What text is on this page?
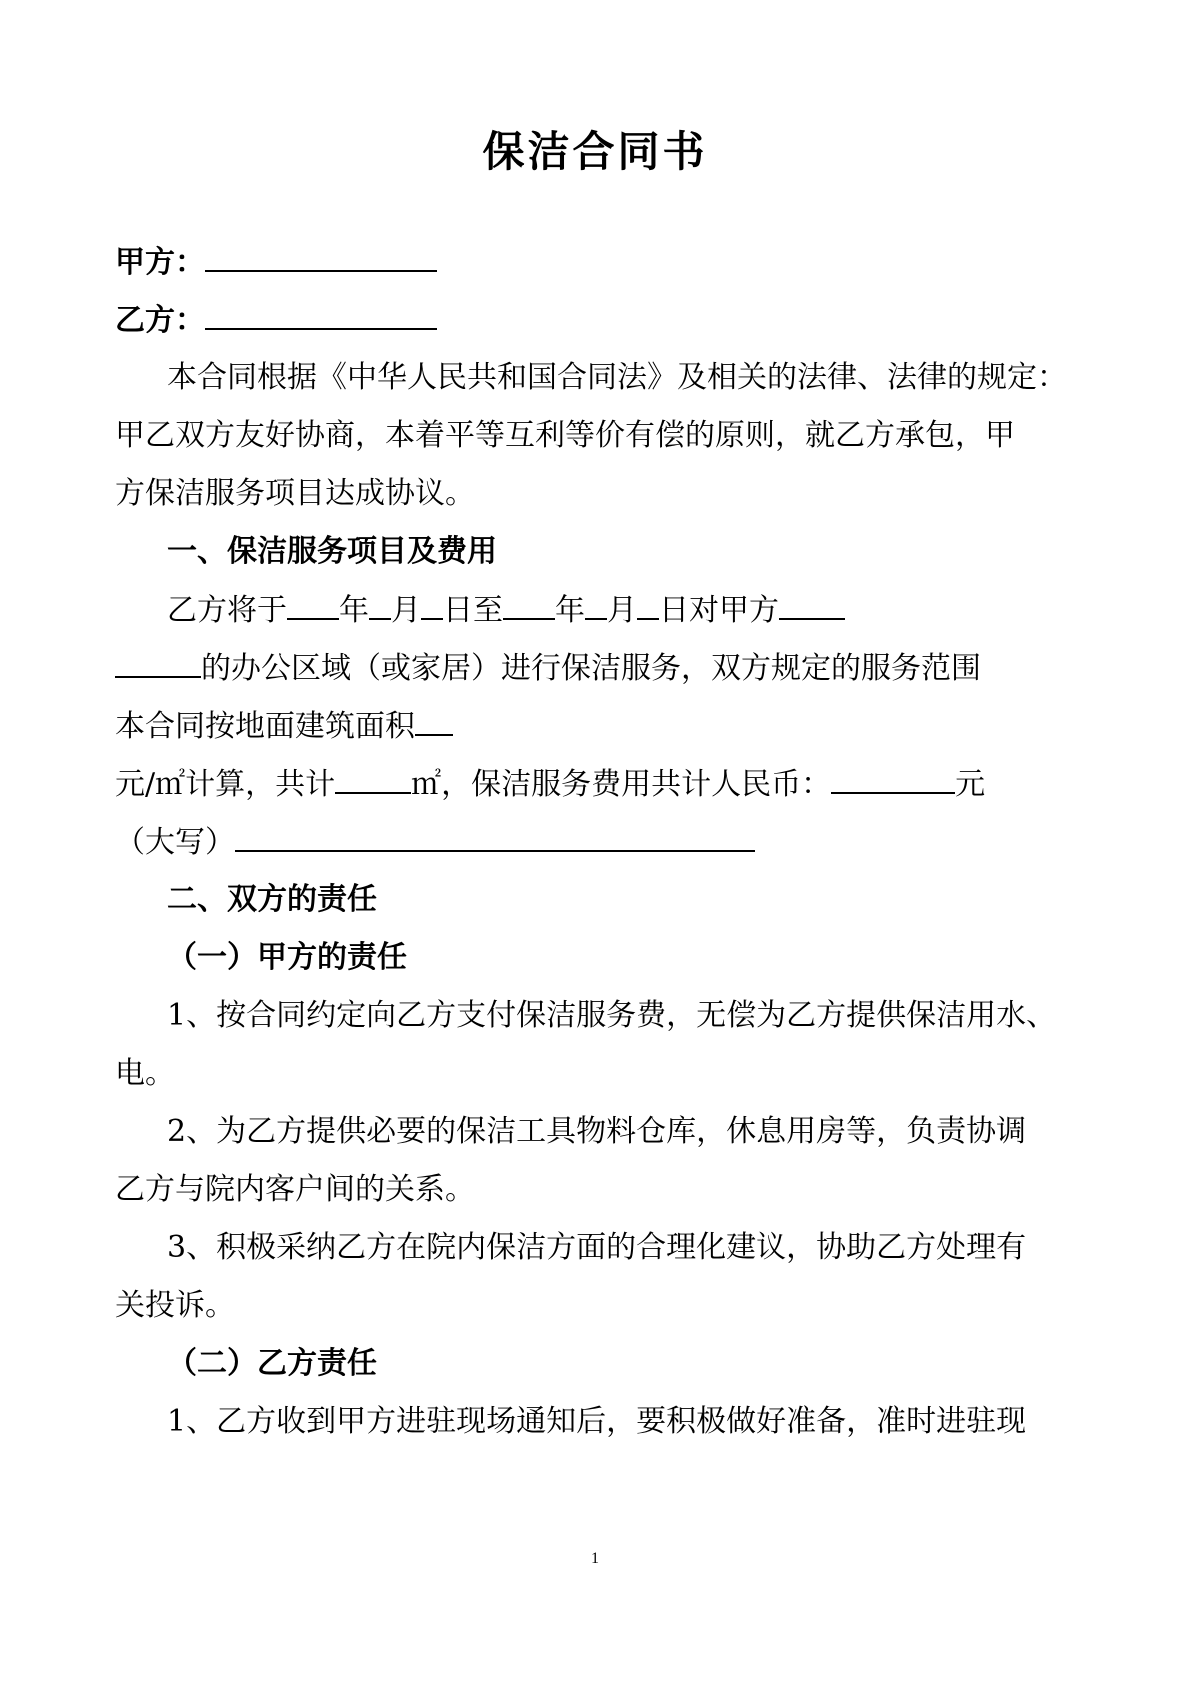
保洁合同书

甲方：

乙方：

本合同根据《中华人民共和国合同法》及相关的法律、法律的规定：

甲乙双方友好协商，本着平等互利等价有偿的原则，就乙方承包，甲

方保洁服务项目达成协议。

一、保洁服务项目及费用

乙方将于 年 月 日至 年 月 日对甲方

的办公区域（或家居）进行保洁服务，双方规定的服务范围

本合同按地面建筑面积

元/㎡计算，共计	㎡，保洁服务费用共计人民币：	元

（大写）

二、双方的责任

（一）甲方的责任

1、按合同约定向乙方支付保洁服务费，无偿为乙方提供保洁用水、

电。

2、为乙方提供必要的保洁工具物料仓库，休息用房等，负责协调

乙方与院内客户间的关系。

3、积极采纳乙方在院内保洁方面的合理化建议，协助乙方处理有

关投诉。

（二）乙方责任

1、乙方收到甲方进驻现场通知后，要积极做好准备，准时进驻现

1
